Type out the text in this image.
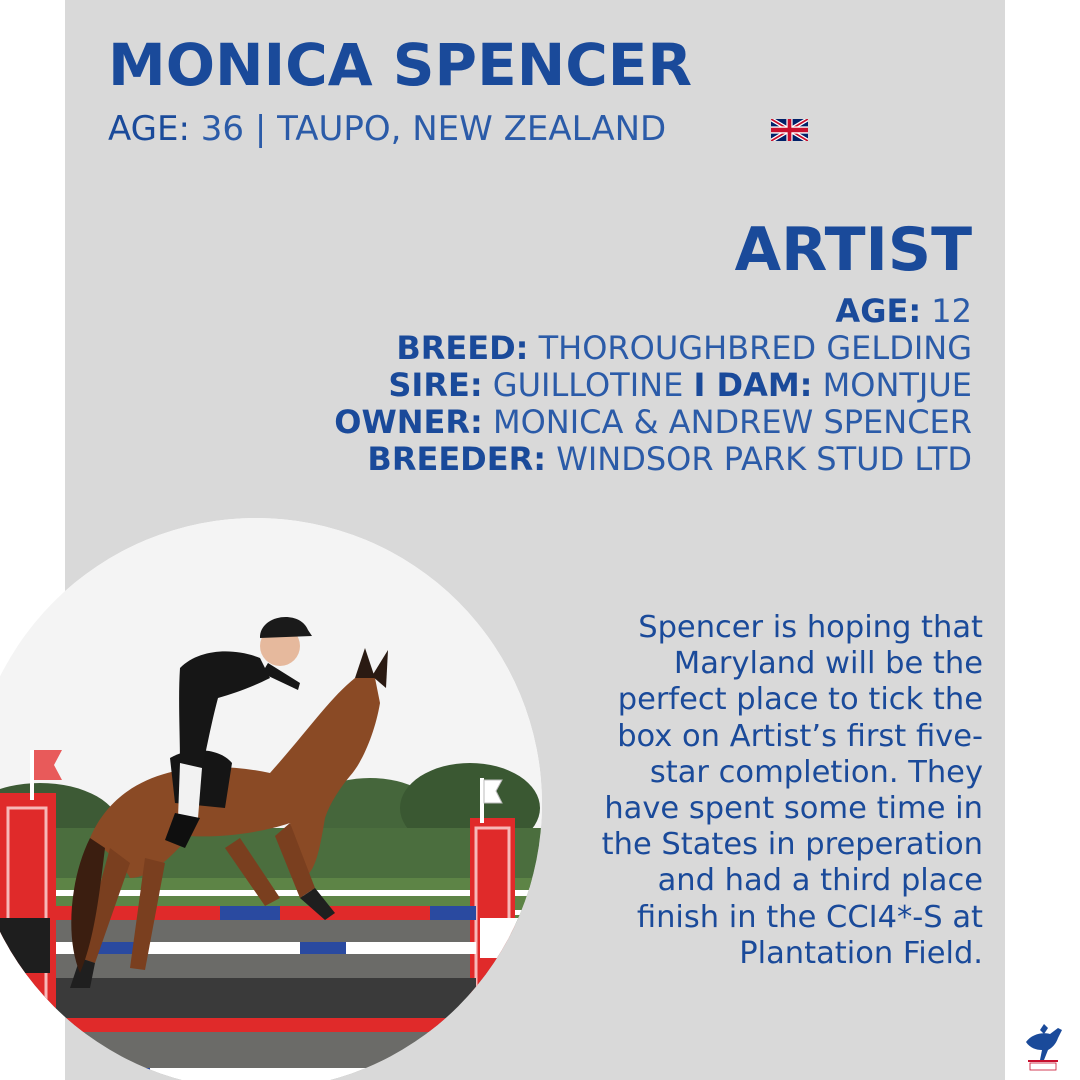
MONICA SPENCER
AGE: 36 | TAUPO, NEW ZEALAND
ARTIST
AGE: 12
BREED: THOROUGHBRED GELDING
SIRE: GUILLOTINE I DAM: MONTJUE
OWNER: MONICA & ANDREW SPENCER
BREEDER: WINDSOR PARK STUD LTD
Spencer is hoping that Maryland will be the perfect place to tick the box on Artist’s first five-star completion. They have spent some time in the States in preperation and had a third place finish in the CCI4*-S at Plantation Field.
